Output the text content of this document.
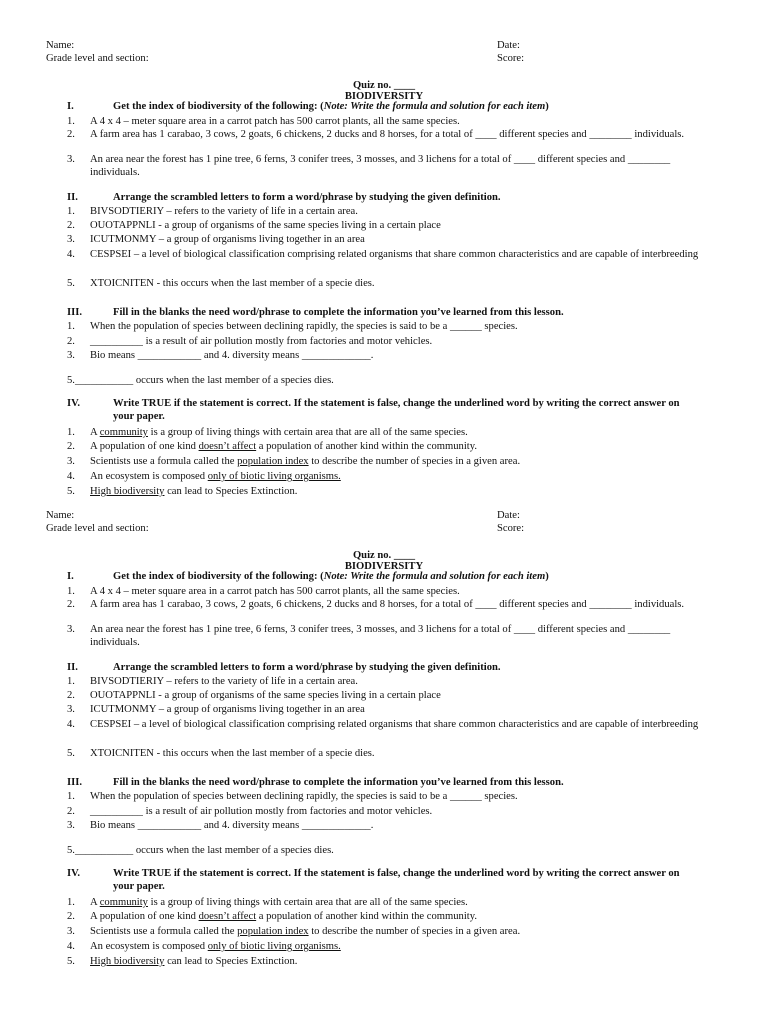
Name:
Grade level and section:
Date:
Score:
Quiz no. ____
BIODIVERSITY
I.	Get the index of biodiversity of the following: (Note: Write the formula and solution for each item)
1. A 4 x 4 – meter square area in a carrot patch has 500 carrot plants, all the same species.
2. A farm area has 1 carabao, 3 cows, 2 goats, 6 chickens, 2 ducks and 8 horses, for a total of ____ different species and ________ individuals.
3. An area near the forest has 1 pine tree, 6 ferns, 3 conifer trees, 3 mosses, and 3 lichens for a total of ____ different species and ________ individuals.
II.	Arrange the scrambled letters to form a word/phrase by studying the given definition.
1. BIVSODTIERIY – refers to the variety of life in a certain area.
2. OUOTAPPNLI - a group of organisms of the same species living in a certain place
3. ICUTMONMY – a group of organisms living together in an area
4. CESPSEI – a level of biological classification comprising related organisms that share common characteristics and are capable of interbreeding
5. XTOICNITEN - this occurs when the last member of a specie dies.
III.	Fill in the blanks the need word/phrase to complete the information you’ve learned from this lesson.
1. When the population of species between declining rapidly, the species is said to be a ______ species.
2. __________ is a result of air pollution mostly from factories and motor vehicles.
3. Bio means ____________ and 4. diversity means _____________.
5.___________ occurs when the last member of a species dies.
IV.	Write TRUE if the statement is correct. If the statement is false, change the underlined word by writing the correct answer on your paper.
1. A community is a group of living things with certain area that are all of the same species.
2. A population of one kind doesn’t affect a population of another kind within the community.
3. Scientists use a formula called the population index to describe the number of species in a given area.
4. An ecosystem is composed only of biotic living organisms.
5. High biodiversity can lead to Species Extinction.
Name:
Grade level and section:
Date:
Score:
Quiz no. ____
BIODIVERSITY
I.	Get the index of biodiversity of the following: (Note: Write the formula and solution for each item)
1. A 4 x 4 – meter square area in a carrot patch has 500 carrot plants, all the same species.
2. A farm area has 1 carabao, 3 cows, 2 goats, 6 chickens, 2 ducks and 8 horses, for a total of ____ different species and ________ individuals.
3. An area near the forest has 1 pine tree, 6 ferns, 3 conifer trees, 3 mosses, and 3 lichens for a total of ____ different species and ________ individuals.
II.	Arrange the scrambled letters to form a word/phrase by studying the given definition.
1. BIVSODTIERIY – refers to the variety of life in a certain area.
2. OUOTAPPNLI - a group of organisms of the same species living in a certain place
3. ICUTMONMY – a group of organisms living together in an area
4. CESPSEI – a level of biological classification comprising related organisms that share common characteristics and are capable of interbreeding
5. XTOICNITEN - this occurs when the last member of a specie dies.
III.	Fill in the blanks the need word/phrase to complete the information you’ve learned from this lesson.
1. When the population of species between declining rapidly, the species is said to be a ______ species.
2. __________ is a result of air pollution mostly from factories and motor vehicles.
3. Bio means ____________ and 4. diversity means _____________.
5.___________ occurs when the last member of a species dies.
IV.	Write TRUE if the statement is correct. If the statement is false, change the underlined word by writing the correct answer on your paper.
1. A community is a group of living things with certain area that are all of the same species.
2. A population of one kind doesn’t affect a population of another kind within the community.
3. Scientists use a formula called the population index to describe the number of species in a given area.
4. An ecosystem is composed only of biotic living organisms.
5. High biodiversity can lead to Species Extinction.
